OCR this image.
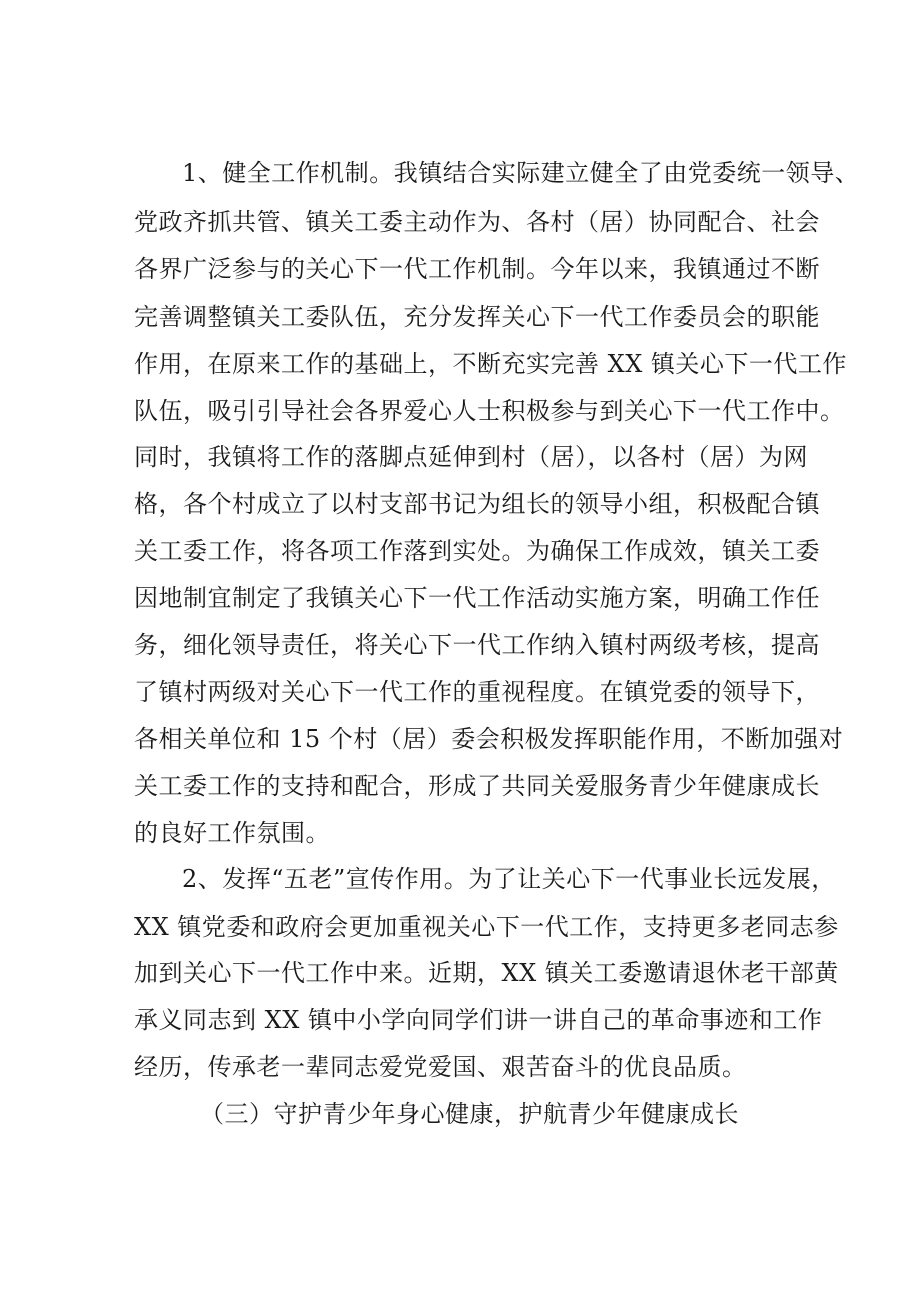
1、健全工作机制。我镇结合实际建立健全了由党委统一领导、
党政齐抓共管、镇关工委主动作为、各村（居）协同配合、社会
各界广泛参与的关心下一代工作机制。今年以来，我镇通过不断
完善调整镇关工委队伍，充分发挥关心下一代工作委员会的职能
作用，在原来工作的基础上，不断充实完善 XX 镇关心下一代工作
队伍，吸引引导社会各界爱心人士积极参与到关心下一代工作中。
同时，我镇将工作的落脚点延伸到村（居），以各村（居）为网
格，各个村成立了以村支部书记为组长的领导小组，积极配合镇
关工委工作，将各项工作落到实处。为确保工作成效，镇关工委
因地制宜制定了我镇关心下一代工作活动实施方案，明确工作任
务，细化领导责任，将关心下一代工作纳入镇村两级考核，提高
了镇村两级对关心下一代工作的重视程度。在镇党委的领导下，
各相关单位和 15 个村（居）委会积极发挥职能作用，不断加强对
关工委工作的支持和配合，形成了共同关爱服务青少年健康成长
的良好工作氛围。
2、发挥“五老”宣传作用。为了让关心下一代事业长远发展，
XX 镇党委和政府会更加重视关心下一代工作，支持更多老同志参
加到关心下一代工作中来。近期，XX 镇关工委邀请退休老干部黄
承义同志到 XX 镇中小学向同学们讲一讲自己的革命事迹和工作
经历，传承老一辈同志爱党爱国、艰苦奋斗的优良品质。
（三）守护青少年身心健康，护航青少年健康成长
